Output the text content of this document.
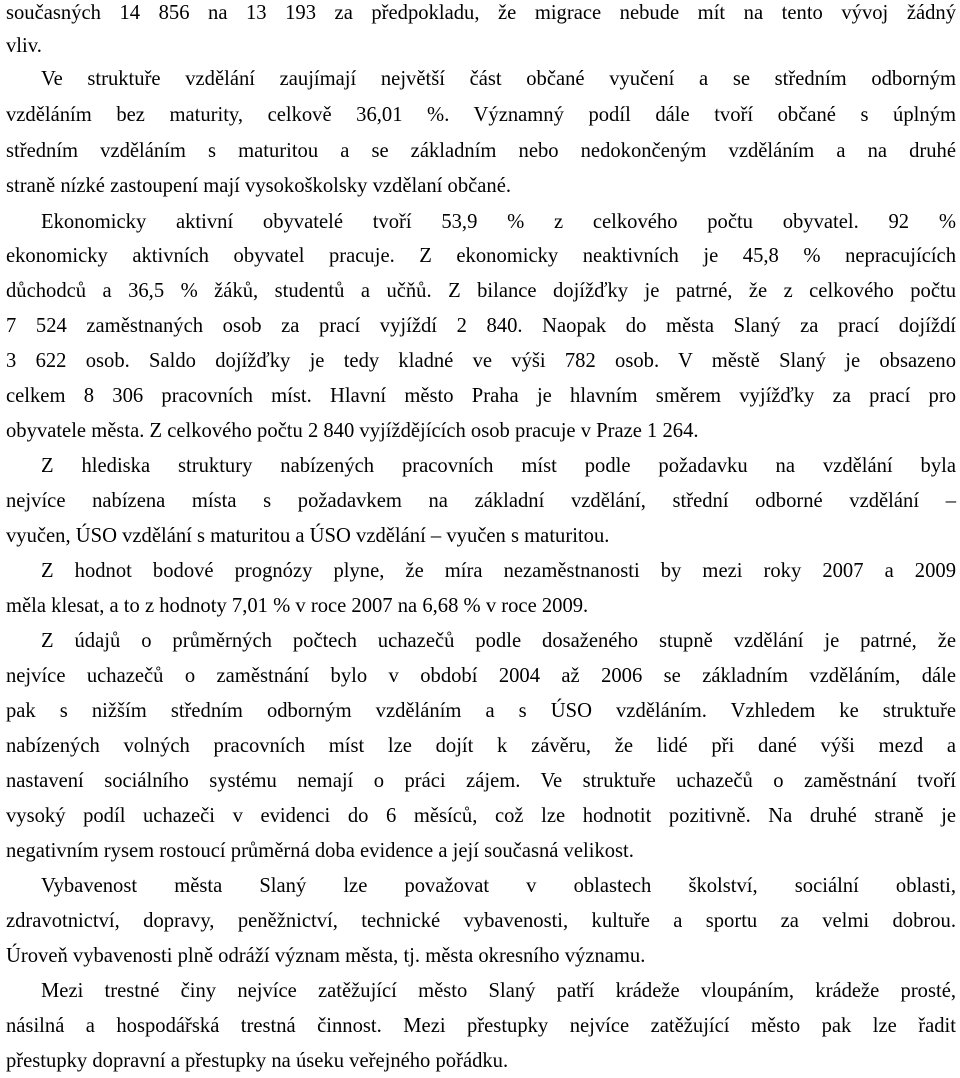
současných 14 856 na 13 193 za předpokladu, že migrace nebude mít na tento vývoj žádný
vliv.
Ve struktuře vzdělání zaujímají největší část občané vyučení a se středním odborným
vzděláním bez maturity, celkově 36,01 %. Významný podíl dále tvoří občané s úplným
středním vzděláním s maturitou a se základním nebo nedokončeným vzděláním a na druhé
straně nízké zastoupení mají vysokoškolsky vzdělaní občané.
Ekonomicky aktivní obyvatelé tvoří 53,9 % z celkového počtu obyvatel. 92 %
ekonomicky aktivních obyvatel pracuje. Z ekonomicky neaktivních je 45,8 % nepracujících
důchodců a 36,5 % žáků, studentů a učňů. Z bilance dojížďky je patrné, že z celkového počtu
7 524 zaměstnaných osob za prací vyjíždí 2 840. Naopak do města Slaný za prací dojíždí
3 622 osob. Saldo dojížďky je tedy kladné ve výši 782 osob. V městě Slaný je obsazeno
celkem 8 306 pracovních míst. Hlavní město Praha je hlavním směrem vyjížďky za prací pro
obyvatele města. Z celkového počtu 2 840 vyjíždějících osob pracuje v Praze 1 264.
Z hlediska struktury nabízených pracovních míst podle požadavku na vzdělání byla
nejvíce nabízena místa s požadavkem na základní vzdělání, střední odborné vzdělání –
vyučen, ÚSO vzdělání s maturitou a ÚSO vzdělání – vyučen s maturitou.
Z hodnot bodové prognózy plyne, že míra nezaměstnanosti by mezi roky 2007 a 2009
měla klesat, a to z hodnoty 7,01 % v roce 2007 na 6,68 % v roce 2009.
Z údajů o průměrných počtech uchazečů podle dosaženého stupně vzdělání je patrné, že
nejvíce uchazečů o zaměstnání bylo v období 2004 až 2006 se základním vzděláním, dále
pak s nižším středním odborným vzděláním a s ÚSO vzděláním. Vzhledem ke struktuře
nabízených volných pracovních míst lze dojít k závěru, že lidé při dané výši mezd a
nastavení sociálního systému nemají o práci zájem. Ve struktuře uchazečů o zaměstnání tvoří
vysoký podíl uchazeči v evidenci do 6 měsíců, což lze hodnotit pozitivně. Na druhé straně je
negativním rysem rostoucí průměrná doba evidence a její současná velikost.
Vybavenost města Slaný lze považovat v oblastech školství, sociální oblasti,
zdravotnictví, dopravy, peněžnictví, technické vybavenosti, kultuře a sportu za velmi dobrou.
Úroveň vybavenosti plně odráží význam města, tj. města okresního významu.
Mezi trestné činy nejvíce zatěžující město Slaný patří krádeže vloupáním, krádeže prosté,
násilná a hospodářská trestná činnost. Mezi přestupky nejvíce zatěžující město pak lze řadit
přestupky dopravní a přestupky na úseku veřejného pořádku.
